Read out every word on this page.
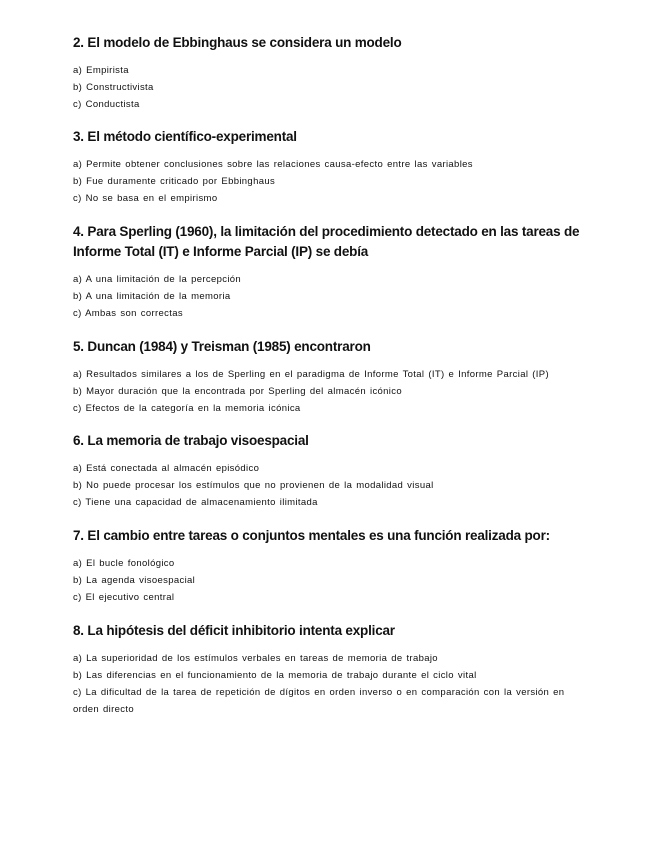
2. El modelo de Ebbinghaus se considera un modelo
a) Empirista
b) Constructivista
c) Conductista
3. El método científico-experimental
a) Permite obtener conclusiones sobre las relaciones causa-efecto entre las variables
b) Fue duramente criticado por Ebbinghaus
c) No se basa en el empirismo
4. Para Sperling (1960), la limitación del procedimiento detectado en las tareas de Informe Total (IT) e Informe Parcial (IP) se debía
a) A una limitación de la percepción
b) A una limitación de la memoria
c) Ambas son correctas
5. Duncan (1984) y Treisman (1985) encontraron
a) Resultados similares a los de Sperling en el paradigma de Informe Total (IT) e Informe Parcial (IP)
b) Mayor duración que la encontrada por Sperling del almacén icónico
c) Efectos de la categoría en la memoria icónica
6. La memoria de trabajo visoespacial
a) Está conectada al almacén episódico
b) No puede procesar los estímulos que no provienen de la modalidad visual
c) Tiene una capacidad de almacenamiento ilimitada
7. El cambio entre tareas o conjuntos mentales es una función realizada por:
a) El bucle fonológico
b) La agenda visoespacial
c) El ejecutivo central
8. La hipótesis del déficit inhibitorio intenta explicar
a) La superioridad de los estímulos verbales en tareas de memoria de trabajo
b) Las diferencias en el funcionamiento de la memoria de trabajo durante el ciclo vital
c) La dificultad de la tarea de repetición de dígitos en orden inverso o en comparación con la versión en orden directo
